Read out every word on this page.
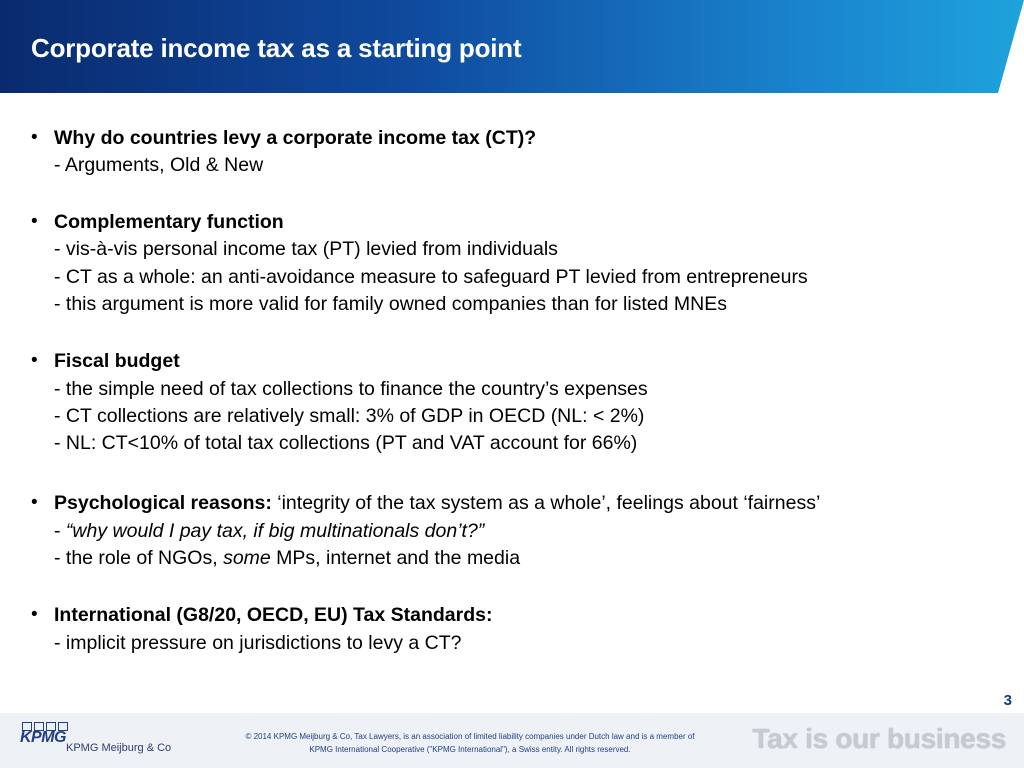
Corporate income tax as a starting point
• Why do countries levy a corporate income tax (CT)?
- Arguments, Old & New
• Complementary function
- vis-à-vis personal income tax (PT) levied from individuals
- CT as a whole: an anti-avoidance measure to safeguard PT levied from entrepreneurs
- this argument is more valid for family owned companies than for listed MNEs
• Fiscal budget
- the simple need of tax collections to finance the country’s expenses
- CT collections are relatively small: 3% of GDP in OECD (NL: < 2%)
- NL: CT<10% of total tax collections (PT and VAT account for 66%)
• Psychological reasons: ‘integrity of the tax system as a whole’, feelings about ‘fairness’
- “why would I pay tax, if big multinationals don’t?”
- the role of NGOs, some MPs, internet and the media
• International (G8/20, OECD, EU) Tax Standards:
- implicit pressure on jurisdictions to levy a CT?
3
KPMG
KPMG Meijburg & Co
© 2014 KPMG Meijburg & Co, Tax Lawyers, is an association of limited liability companies under Dutch law and is a member of
KPMG International Cooperative ("KPMG International"), a Swiss entity. All rights reserved.	Tax is our business
